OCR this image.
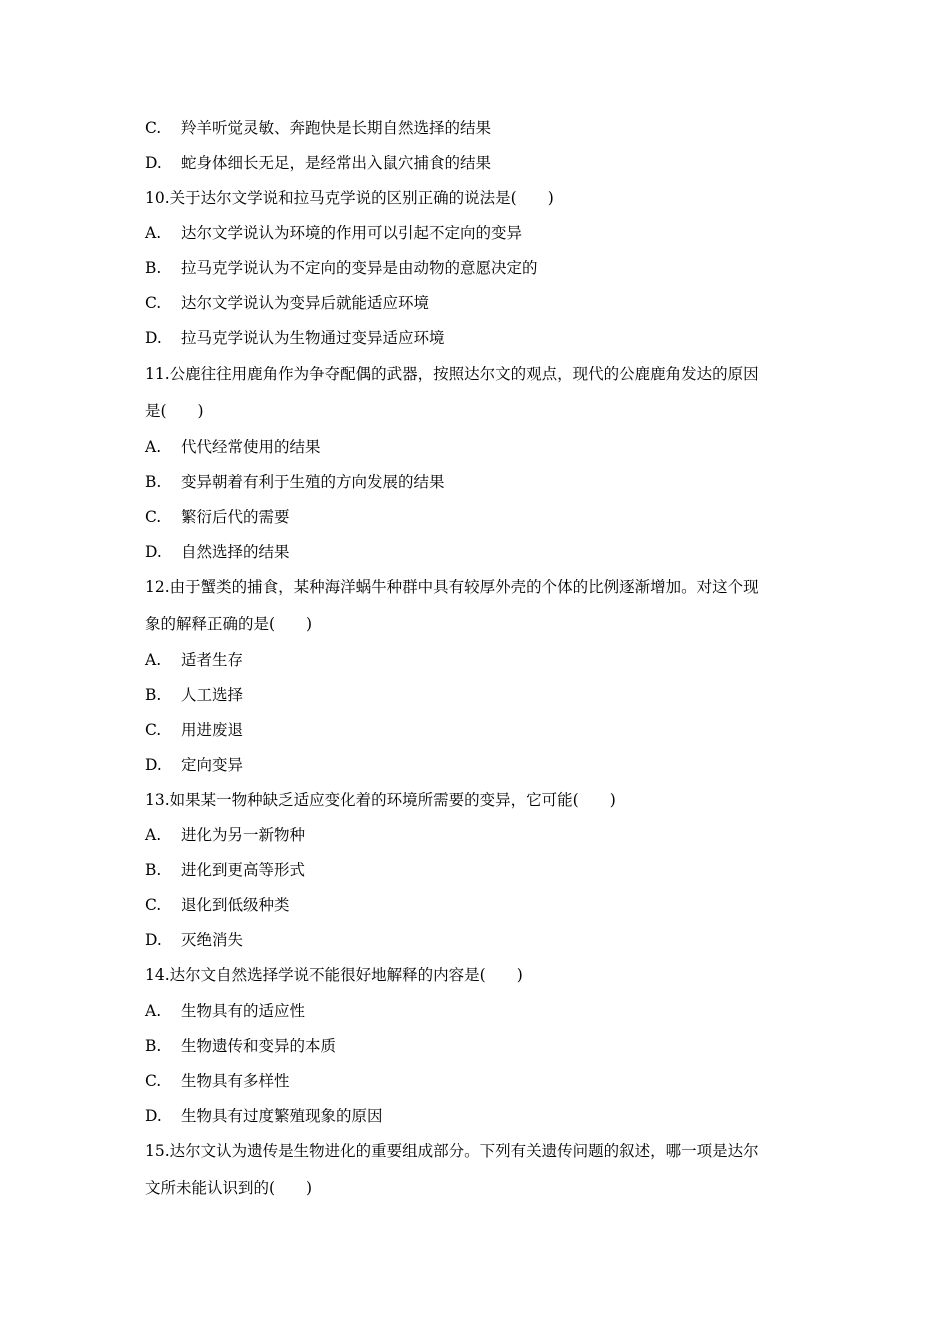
C. 羚羊听觉灵敏、奔跑快是长期自然选择的结果
D. 蛇身体细长无足，是经常出入鼠穴捕食的结果
10.关于达尔文学说和拉马克学说的区别正确的说法是(　　)
A. 达尔文学说认为环境的作用可以引起不定向的变异
B. 拉马克学说认为不定向的变异是由动物的意愿决定的
C. 达尔文学说认为变异后就能适应环境
D. 拉马克学说认为生物通过变异适应环境
11.公鹿往往用鹿角作为争夺配偶的武器，按照达尔文的观点，现代的公鹿鹿角发达的原因
是(　　)
A. 代代经常使用的结果
B. 变异朝着有利于生殖的方向发展的结果
C. 繁衍后代的需要
D. 自然选择的结果
12.由于蟹类的捕食，某种海洋蜗牛种群中具有较厚外壳的个体的比例逐渐增加。对这个现
象的解释正确的是(　　)
A. 适者生存
B. 人工选择
C. 用进废退
D. 定向变异
13.如果某一物种缺乏适应变化着的环境所需要的变异，它可能(　　)
A. 进化为另一新物种
B. 进化到更高等形式
C. 退化到低级种类
D. 灭绝消失
14.达尔文自然选择学说不能很好地解释的内容是(　　)
A. 生物具有的适应性
B. 生物遗传和变异的本质
C. 生物具有多样性
D. 生物具有过度繁殖现象的原因
15.达尔文认为遗传是生物进化的重要组成部分。下列有关遗传问题的叙述，哪一项是达尔
文所未能认识到的(　　)
